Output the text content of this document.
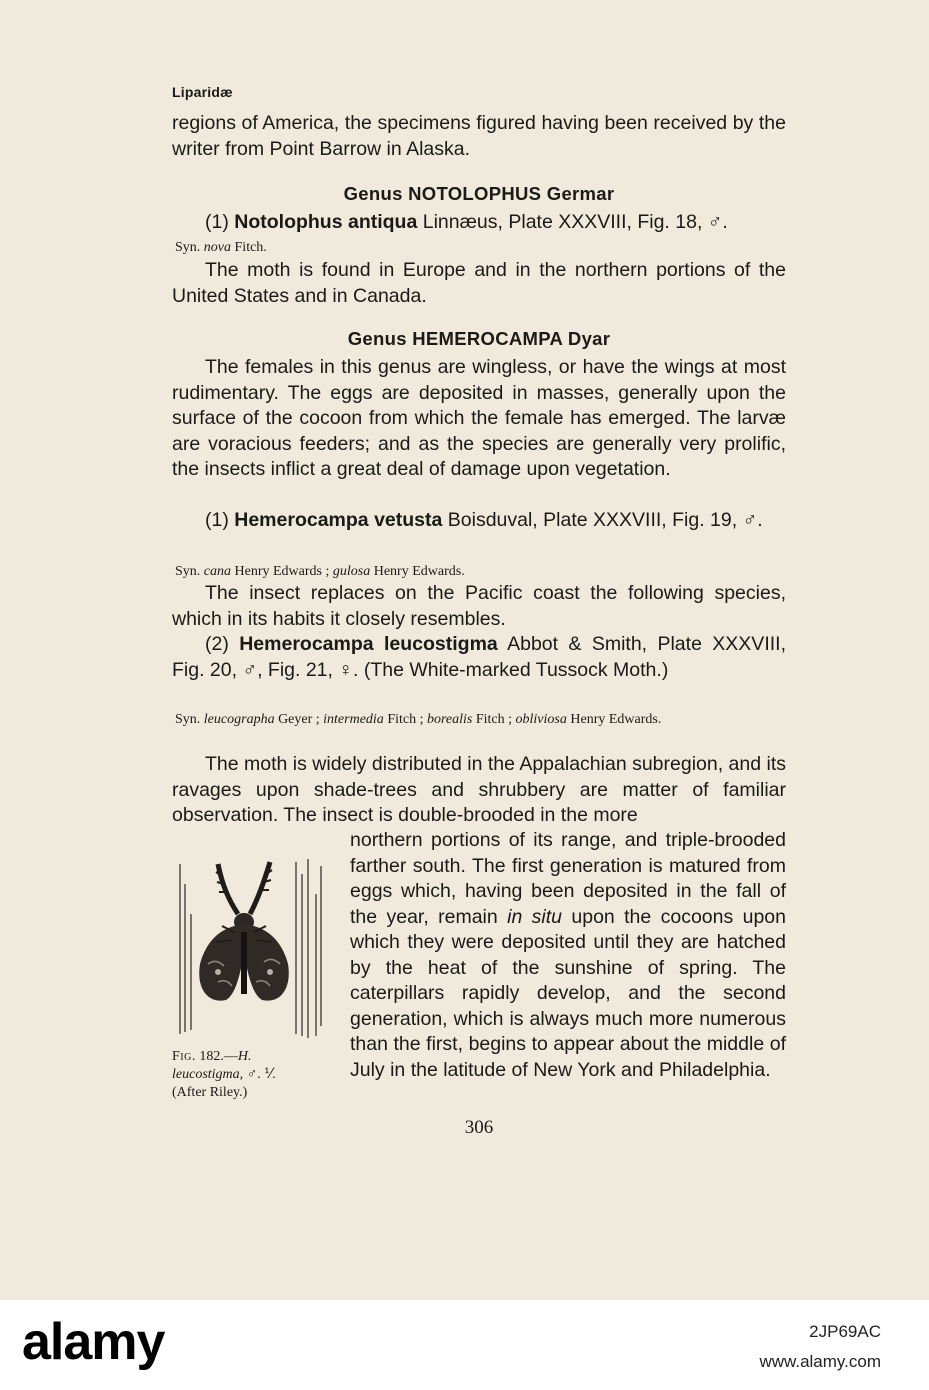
Liparidæ
regions of America, the specimens figured having been received by the writer from Point Barrow in Alaska.
Genus NOTOLOPHUS Germar
(1) Notolophus antiqua Linnæus, Plate XXXVIII, Fig. 18, ♂.
Syn. nova Fitch.
The moth is found in Europe and in the northern portions of the United States and in Canada.
Genus HEMEROCAMPA Dyar
The females in this genus are wingless, or have the wings at most rudimentary. The eggs are deposited in masses, generally upon the surface of the cocoon from which the female has emerged. The larvæ are voracious feeders; and as the species are generally very prolific, the insects inflict a great deal of damage upon vegetation.
(1) Hemerocampa vetusta Boisduval, Plate XXXVIII, Fig. 19, ♂.
Syn. cana Henry Edwards ; gulosa Henry Edwards.
The insect replaces on the Pacific coast the following species, which in its habits it closely resembles.
(2) Hemerocampa leucostigma Abbot & Smith, Plate XXXVIII, Fig. 20, ♂, Fig. 21, ♀. (The White-marked Tussock Moth.)
Syn. leucographa Geyer ; intermedia Fitch ; borealis Fitch ; obliviosa Henry Edwards.
The moth is widely distributed in the Appalachian subregion, and its ravages upon shade-trees and shrubbery are matter of familiar observation. The insect is double-brooded in the more
Fig. 182.—H.
leucostigma, ♂. ⅟.
(After Riley.)
northern portions of its range, and triple-brooded farther south. The first generation is matured from eggs which, having been deposited in the fall of the year, remain in situ upon the cocoons upon which they were deposited until they are hatched by the heat of the sunshine of spring. The caterpillars rapidly develop, and the second generation, which is always much more numerous than the first, begins to appear about the middle of July in the latitude of New York and Philadelphia.
306
alamy	2JP69AC
www.alamy.com
